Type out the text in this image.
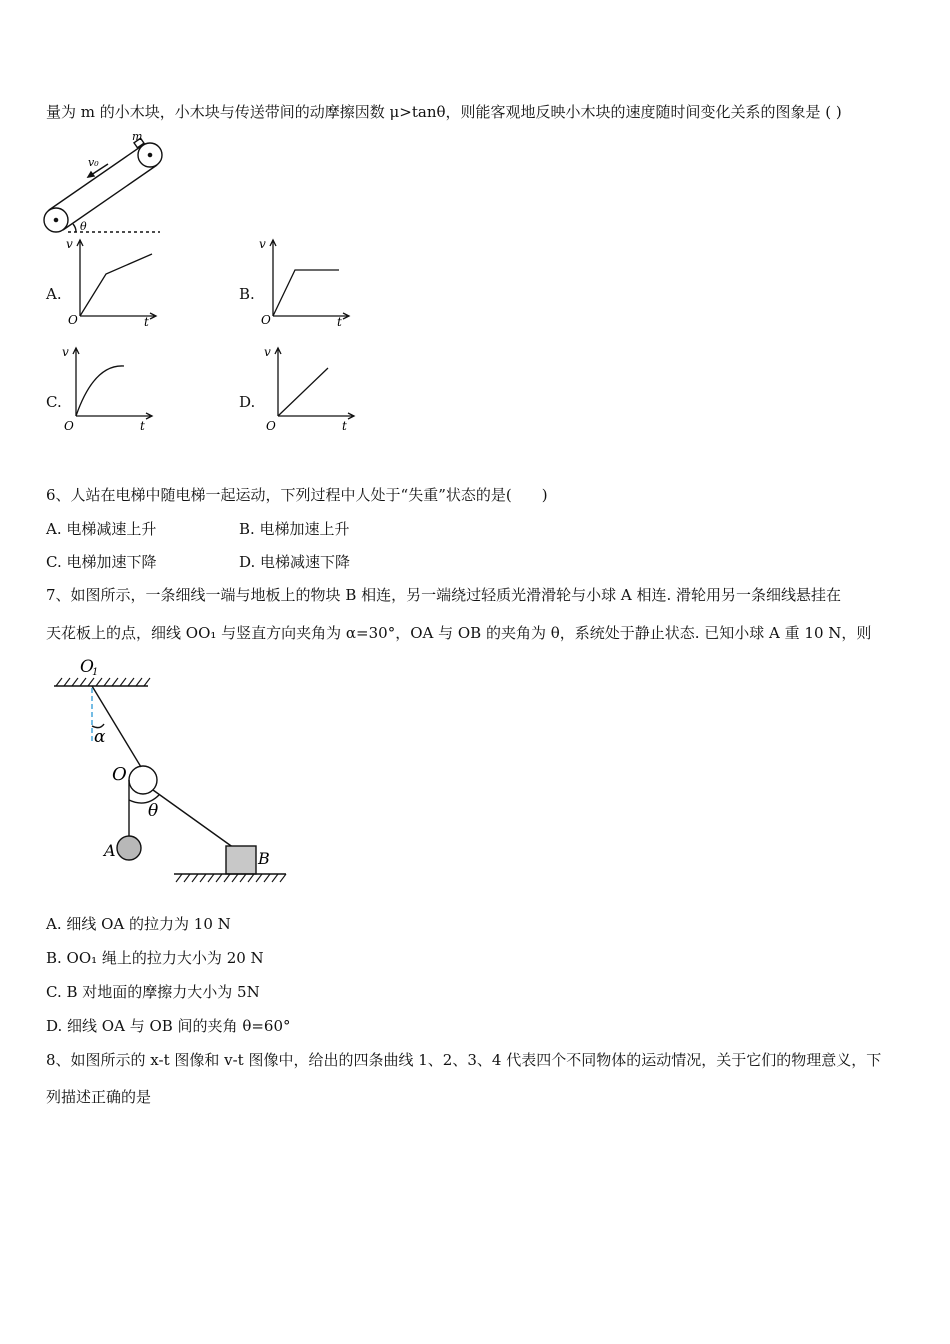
量为 m 的小木块，小木块与传送带间的动摩擦因数 μ>tanθ，则能客观地反映小木块的速度随时间变化关系的图象是 ( )
m
v₀
θ
A.
v
O	t
B.
v
O	t
C.
v
O	t
D.
v
O	t
6、人站在电梯中随电梯一起运动，下列过程中人处于“失重”状态的是(　　)
A. 电梯减速上升	B. 电梯加速上升
C. 电梯加速下降	D. 电梯减速下降
7、如图所示，一条细线一端与地板上的物块 B 相连，另一端绕过轻质光滑滑轮与小球 A 相连. 滑轮用另一条细线悬挂在
天花板上的点，细线 OO₁ 与竖直方向夹角为 α=30°，OA 与 OB 的夹角为 θ，系统处于静止状态. 已知小球 A 重 10 N，则
O
1
α
O
θ
A	B
A. 细线 OA 的拉力为 10 N
B. OO₁ 绳上的拉力大小为 20 N
C. B 对地面的摩擦力大小为 5N
D. 细线 OA 与 OB 间的夹角 θ=60°
8、如图所示的 x-t 图像和 v-t 图像中，给出的四条曲线 1、2、3、4 代表四个不同物体的运动情况，关于它们的物理意义，下
列描述正确的是
